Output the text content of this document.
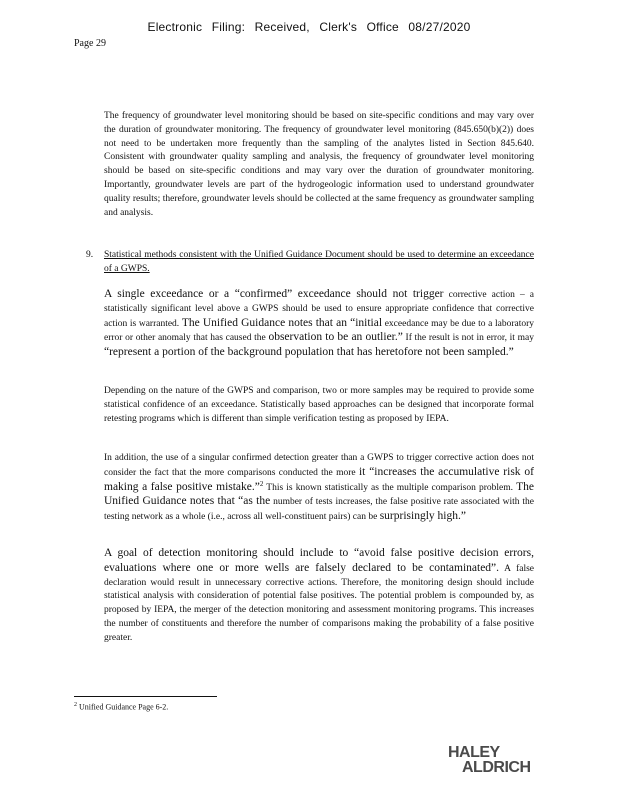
Electronic Filing: Received, Clerk's Office 08/27/2020
Page 29

The frequency of groundwater level monitoring should be based on site-specific conditions and may vary over the duration of groundwater monitoring. The frequency of groundwater level monitoring (845.650(b)(2)) does not need to be undertaken more frequently than the sampling of the analytes listed in Section 845.640. Consistent with groundwater quality sampling and analysis, the frequency of groundwater level monitoring should be based on site-specific conditions and may vary over the duration of groundwater monitoring. Importantly, groundwater levels are part of the hydrogeologic information used to understand groundwater quality results; therefore, groundwater levels should be collected at the same frequency as groundwater sampling and analysis.

9. Statistical methods consistent with the Unified Guidance Document should be used to determine an exceedance of a GWPS.

A single exceedance or a “confirmed” exceedance should not trigger corrective action – a statistically significant level above a GWPS should be used to ensure appropriate confidence that corrective action is warranted. The Unified Guidance notes that an “initial exceedance may be due to a laboratory error or other anomaly that has caused the observation to be an outlier.” If the result is not in error, it may “represent a portion of the background population that has heretofore not been sampled.”

Depending on the nature of the GWPS and comparison, two or more samples may be required to provide some statistical confidence of an exceedance. Statistically based approaches can be designed that incorporate formal retesting programs which is different than simple verification testing as proposed by IEPA.

In addition, the use of a singular confirmed detection greater than a GWPS to trigger corrective action does not consider the fact that the more comparisons conducted the more it “increases the accumulative risk of making a false positive mistake.”$^2$ This is known statistically as the multiple comparison problem. The Unified Guidance notes that “as the number of tests increases, the false positive rate associated with the testing network as a whole (i.e., across all well-constituent pairs) can be surprisingly high.”

A goal of detection monitoring should include to “avoid false positive decision errors, evaluations where one or more wells are falsely declared to be contaminated”. A false declaration would result in unnecessary corrective actions. Therefore, the monitoring design should include statistical analysis with consideration of potential false positives. The potential problem is compounded by, as proposed by IEPA, the merger of the detection monitoring and assessment monitoring programs. This increases the number of constituents and therefore the number of comparisons making the probability of a false positive greater.

$^2$ Unified Guidance Page 6-2.
HALEY
ALDRICH
